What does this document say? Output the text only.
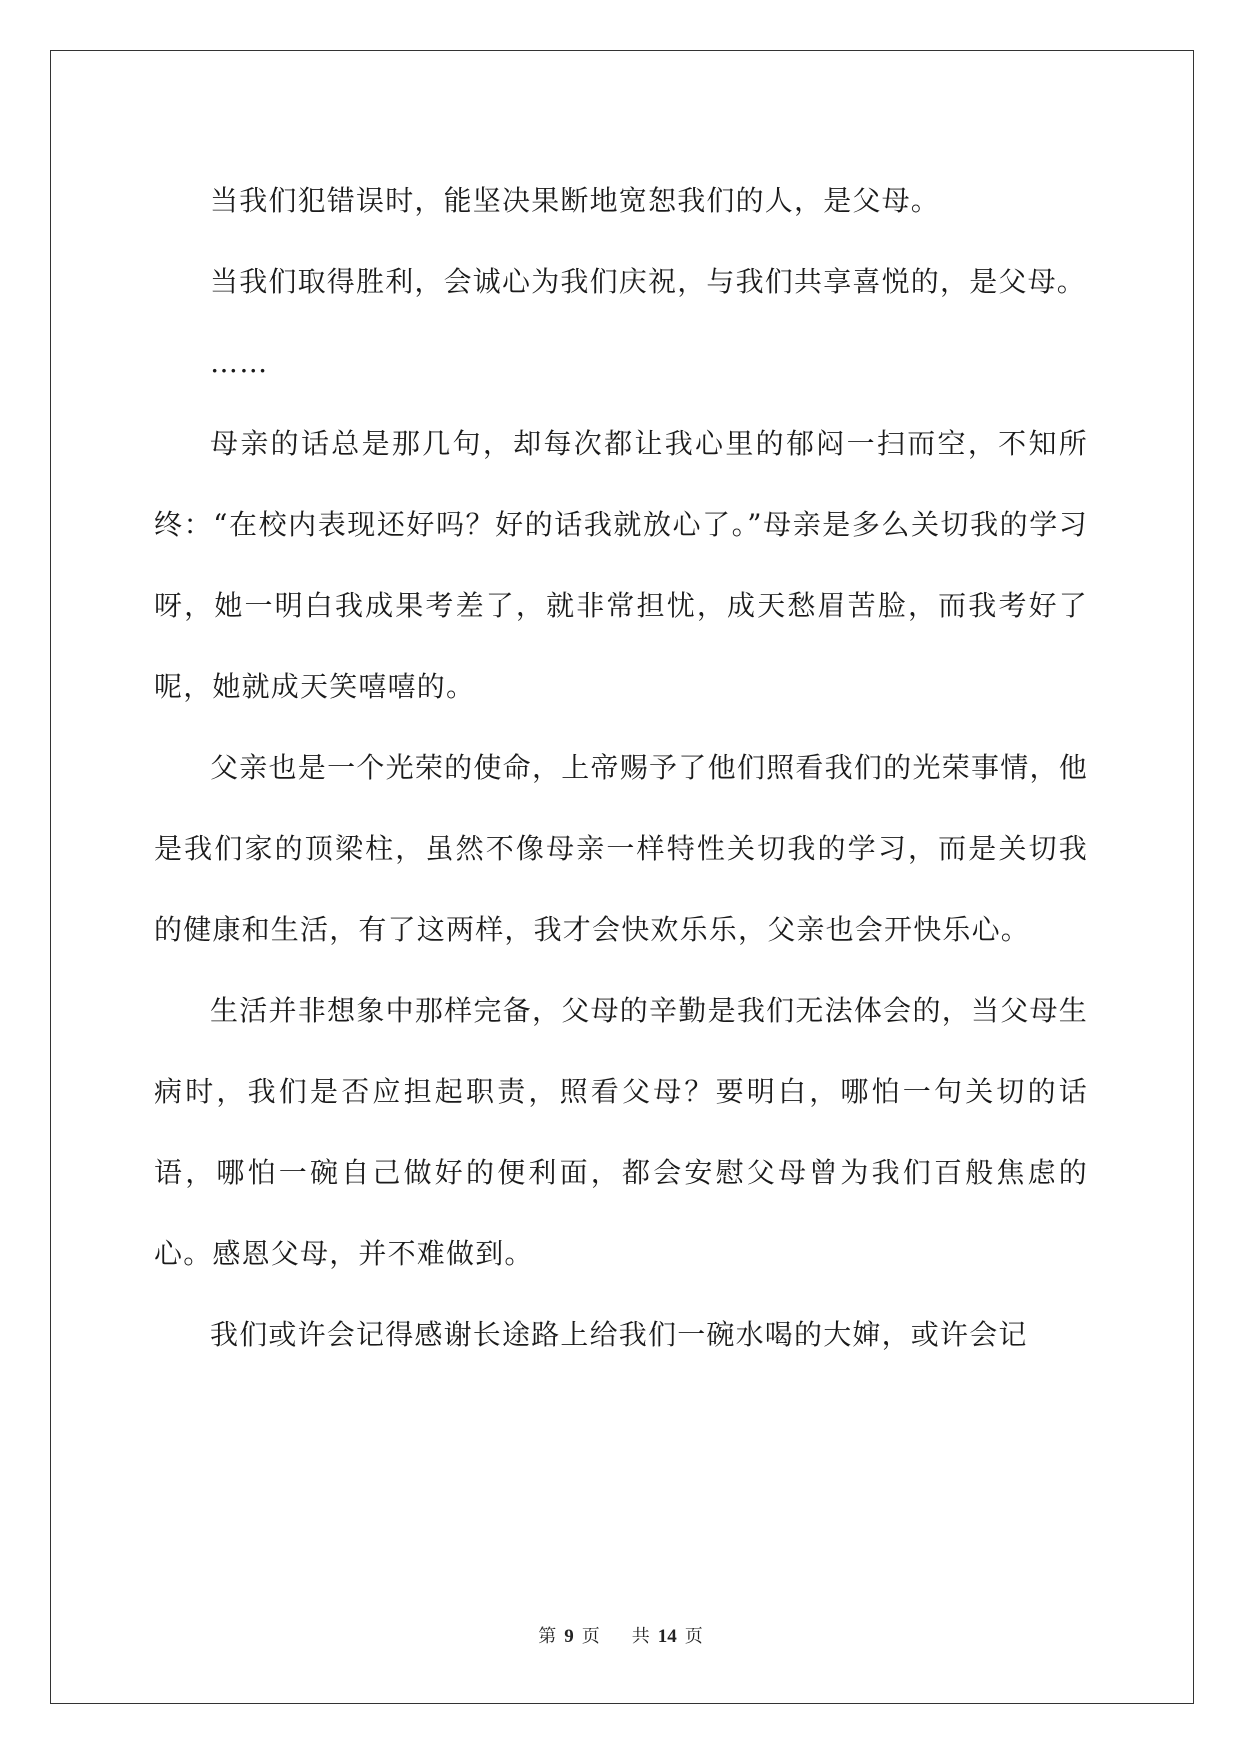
当我们犯错误时，能坚决果断地宽恕我们的人，是父母。

当我们取得胜利，会诚心为我们庆祝，与我们共享喜悦的，是父母。

……

母亲的话总是那几句，却每次都让我心里的郁闷一扫而空，不知所终：“在校内表现还好吗？好的话我就放心了。”母亲是多么关切我的学习呀，她一明白我成果考差了，就非常担忧，成天愁眉苦脸，而我考好了呢，她就成天笑嘻嘻的。

父亲也是一个光荣的使命，上帝赐予了他们照看我们的光荣事情，他是我们家的顶梁柱，虽然不像母亲一样特性关切我的学习，而是关切我的健康和生活，有了这两样，我才会快欢乐乐，父亲也会开快乐心。

生活并非想象中那样完备，父母的辛勤是我们无法体会的，当父母生病时，我们是否应担起职责，照看父母？要明白，哪怕一句关切的话语，哪怕一碗自己做好的便利面，都会安慰父母曾为我们百般焦虑的心。感恩父母，并不难做到。

我们或许会记得感谢长途路上给我们一碗水喝的大婶，或许会记

第 9 页 共 14 页
